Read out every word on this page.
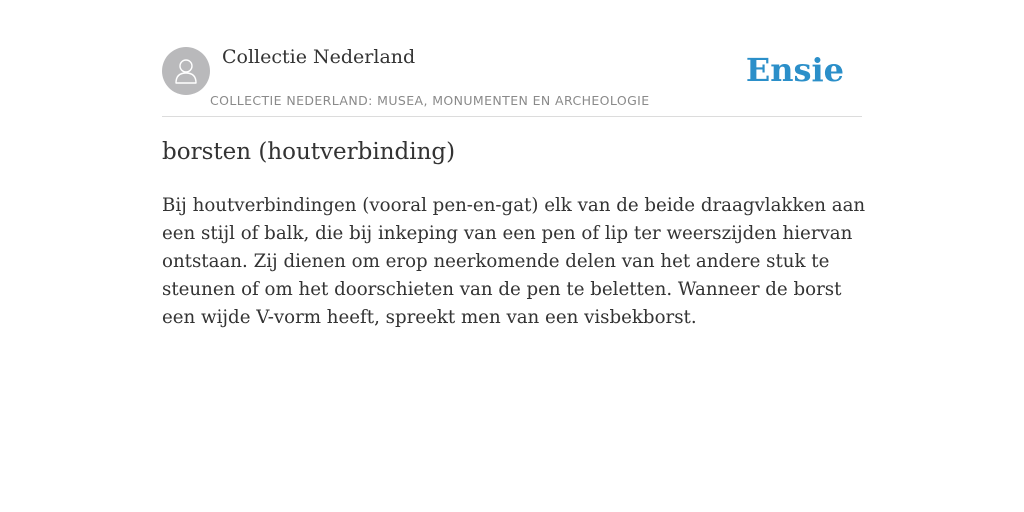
Collectie Nederland
COLLECTIE NEDERLAND: MUSEA, MONUMENTEN EN ARCHEOLOGIE
Ensie
borsten (houtverbinding)

Bij houtverbindingen (vooral pen-en-gat) elk van de beide draagvlakken aan een stijl of balk, die bij inkeping van een pen of lip ter weerszijden hiervan ontstaan. Zij dienen om erop neerkomende delen van het andere stuk te steunen of om het doorschieten van de pen te beletten. Wanneer de borst een wijde V-vorm heeft, spreekt men van een visbekborst.
